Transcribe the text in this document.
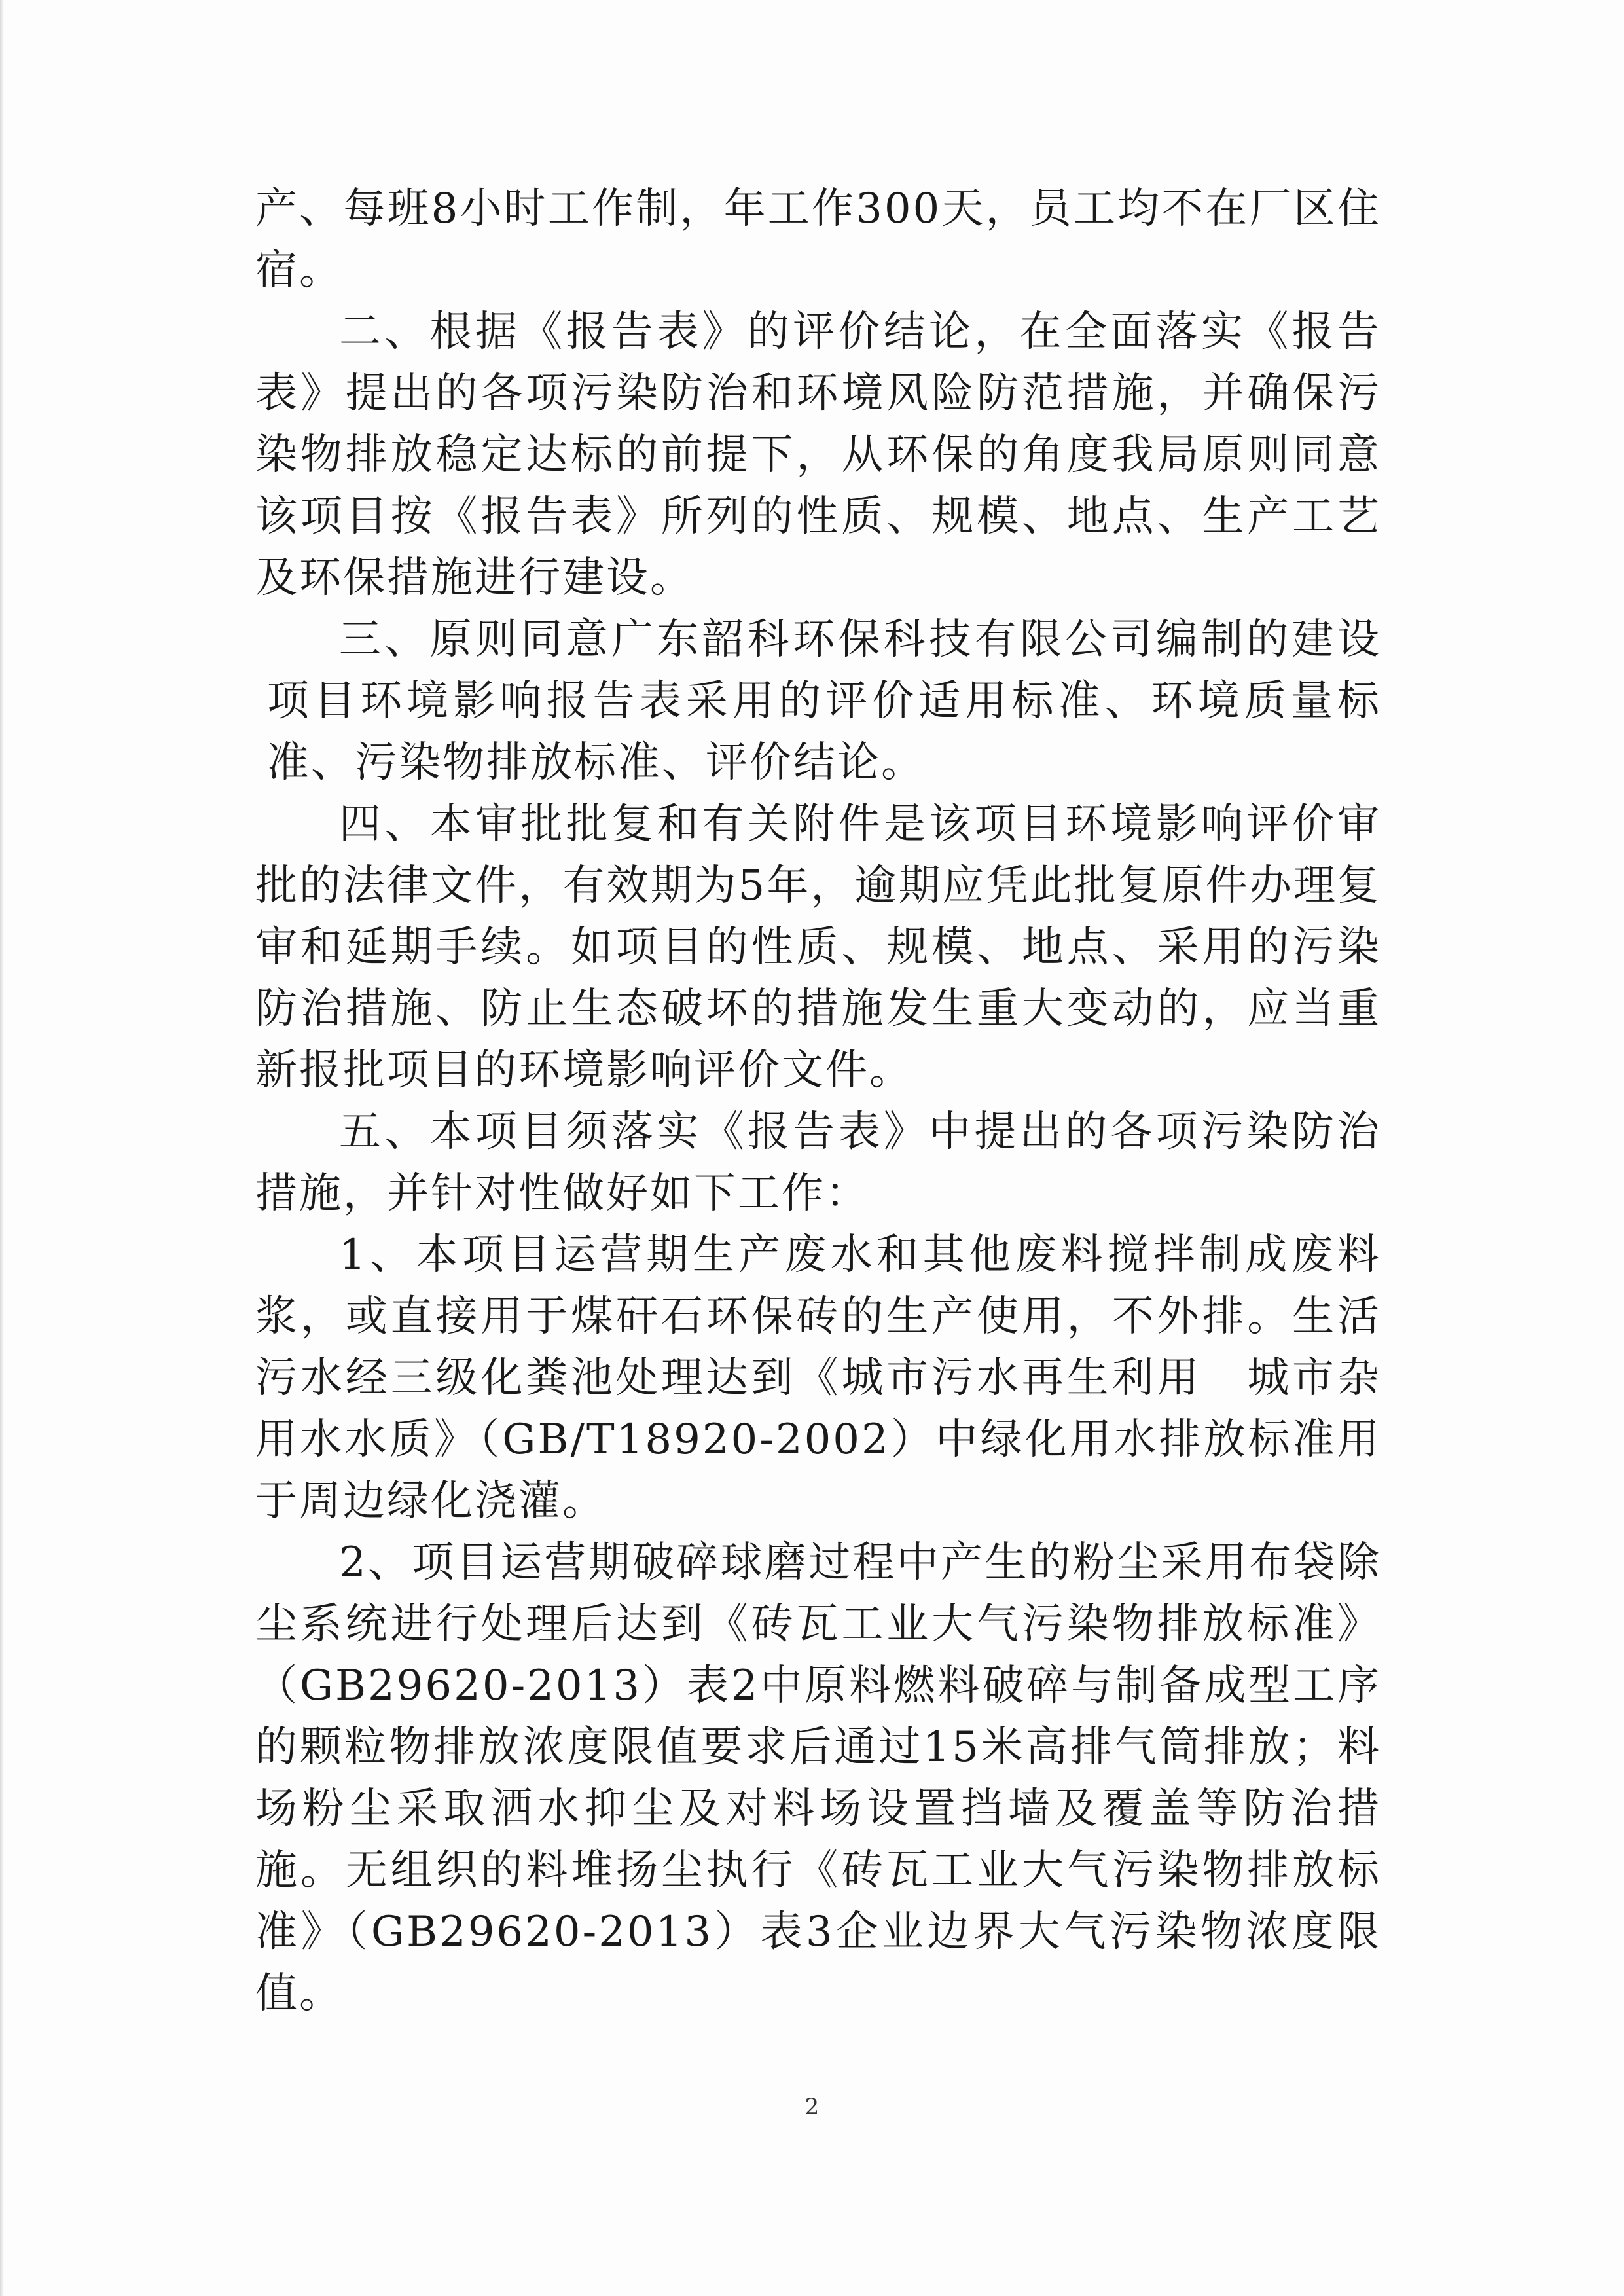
产、每班8小时工作制，年工作300天，员工均不在厂区住宿。

二、根据《报告表》的评价结论，在全面落实《报告表》提出的各项污染防治和环境风险防范措施，并确保污染物排放稳定达标的前提下，从环保的角度我局原则同意该项目按《报告表》所列的性质、规模、地点、生产工艺及环保措施进行建设。

三、原则同意广东韶科环保科技有限公司编制的建设项目环境影响报告表采用的评价适用标准、环境质量标准、污染物排放标准、评价结论。

四、本审批批复和有关附件是该项目环境影响评价审批的法律文件，有效期为5年，逾期应凭此批复原件办理复审和延期手续。如项目的性质、规模、地点、采用的污染防治措施、防止生态破坏的措施发生重大变动的，应当重新报批项目的环境影响评价文件。

五、本项目须落实《报告表》中提出的各项污染防治措施，并针对性做好如下工作：

1、本项目运营期生产废水和其他废料搅拌制成废料浆，或直接用于煤矸石环保砖的生产使用，不外排。生活污水经三级化粪池处理达到《城市污水再生利用　城市杂用水水质》（GB/T18920-2002）中绿化用水排放标准用于周边绿化浇灌。

2、项目运营期破碎球磨过程中产生的粉尘采用布袋除尘系统进行处理后达到《砖瓦工业大气污染物排放标准》（GB29620-2013）表2中原料燃料破碎与制备成型工序的颗粒物排放浓度限值要求后通过15米高排气筒排放；料场粉尘采取洒水抑尘及对料场设置挡墙及覆盖等防治措施。无组织的料堆扬尘执行《砖瓦工业大气污染物排放标准》（GB29620-2013）表3企业边界大气污染物浓度限值。

2
